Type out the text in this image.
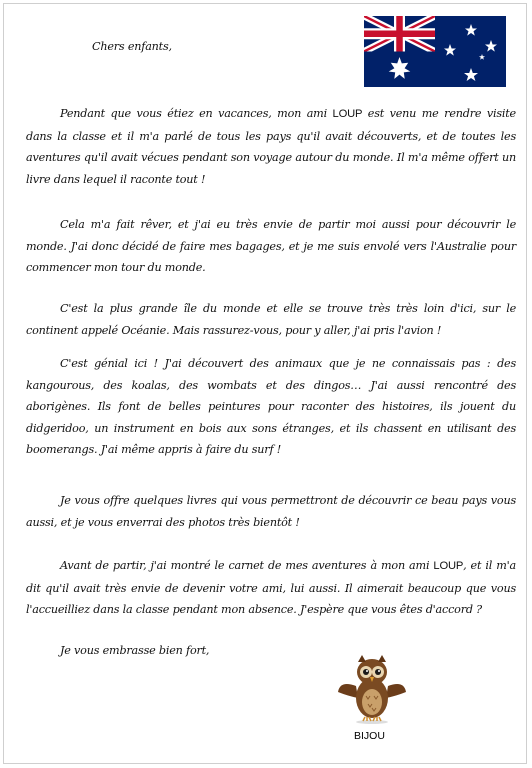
Chers enfants,

Pendant que vous étiez en vacances, mon ami LOUP est venu me rendre visite dans la classe et il m'a parlé de tous les pays qu'il avait découverts, et de toutes les aventures qu'il avait vécues pendant son voyage autour du monde. Il m'a même offert un livre dans lequel il raconte tout !

Cela m'a fait rêver, et j'ai eu très envie de partir moi aussi pour découvrir le monde. J'ai donc décidé de faire mes bagages, et je me suis envolé vers l'Australie pour commencer mon tour du monde.

C'est la plus grande île du monde et elle se trouve très très loin d'ici, sur le continent appelé Océanie. Mais rassurez-vous, pour y aller, j'ai pris l'avion !

C'est génial ici ! J'ai découvert des animaux que je ne connaissais pas : des kangourous, des koalas, des wombats et des dingos… J'ai aussi rencontré des aborigènes. Ils font de belles peintures pour raconter des histoires, ils jouent du didgeridoo, un instrument en bois aux sons étranges, et ils chassent en utilisant des boomerangs. J'ai même appris à faire du surf !

Je vous offre quelques livres qui vous permettront de découvrir ce beau pays vous aussi, et je vous enverrai des photos très bientôt !

Avant de partir, j'ai montré le carnet de mes aventures à mon ami LOUP, et il m'a dit qu'il avait très envie de devenir votre ami, lui aussi. Il aimerait beaucoup que vous l'accueilliez dans la classe pendant mon absence. J'espère que vous êtes d'accord ?

Je vous embrasse bien fort,

BIJOU
